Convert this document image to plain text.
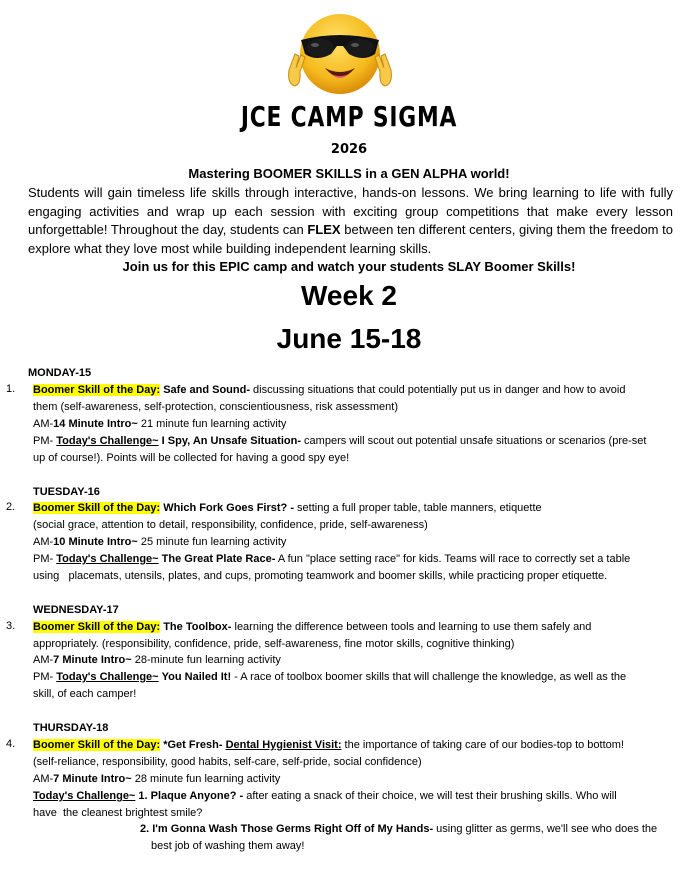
JCE CAMP SIGMA
2026
Mastering BOOMER SKILLS in a GEN ALPHA world!
Students will gain timeless life skills through interactive, hands-on lessons. We bring learning to life with fully engaging activities and wrap up each session with exciting group competitions that make every lesson unforgettable! Throughout the day, students can FLEX between ten different centers, giving them the freedom to explore what they love most while building independent learning skills.
Join us for this EPIC camp and watch your students SLAY Boomer Skills!
Week 2
June 15-18
MONDAY-15
1. Boomer Skill of the Day: Safe and Sound- discussing situations that could potentially put us in danger and how to avoid
them (self-awareness, self-protection, conscientiousness, risk assessment)
AM-14 Minute Intro~ 21 minute fun learning activity
PM- Today's Challenge~ I Spy, An Unsafe Situation- campers will scout out potential unsafe situations or scenarios (pre-set
up of course!). Points will be collected for having a good spy eye!
TUESDAY-16
2. Boomer Skill of the Day: Which Fork Goes First? - setting a full proper table, table manners, etiquette
(social grace, attention to detail, responsibility, confidence, pride, self-awareness)
AM-10 Minute Intro~ 25 minute fun learning activity
PM- Today's Challenge~ The Great Plate Race- A fun "place setting race" for kids. Teams will race to correctly set a table
using   placemats, utensils, plates, and cups, promoting teamwork and boomer skills, while practicing proper etiquette.
WEDNESDAY-17
3. Boomer Skill of the Day: The Toolbox- learning the difference between tools and learning to use them safely and
appropriately. (responsibility, confidence, pride, self-awareness, fine motor skills, cognitive thinking)
AM-7 Minute Intro~ 28-minute fun learning activity
PM- Today's Challenge~ You Nailed It! - A race of toolbox boomer skills that will challenge the knowledge, as well as the
skill, of each camper!
THURSDAY-18
4. Boomer Skill of the Day: *Get Fresh- Dental Hygienist Visit: the importance of taking care of our bodies-top to bottom!
(self-reliance, responsibility, good habits, self-care, self-pride, social confidence)
AM-7 Minute Intro~ 28 minute fun learning activity
Today's Challenge~ 1. Plaque Anyone? - after eating a snack of their choice, we will test their brushing skills. Who will
have  the cleanest brightest smile?
2. I'm Gonna Wash Those Germs Right Off of My Hands- using glitter as germs, we'll see who does the
best job of washing them away!
